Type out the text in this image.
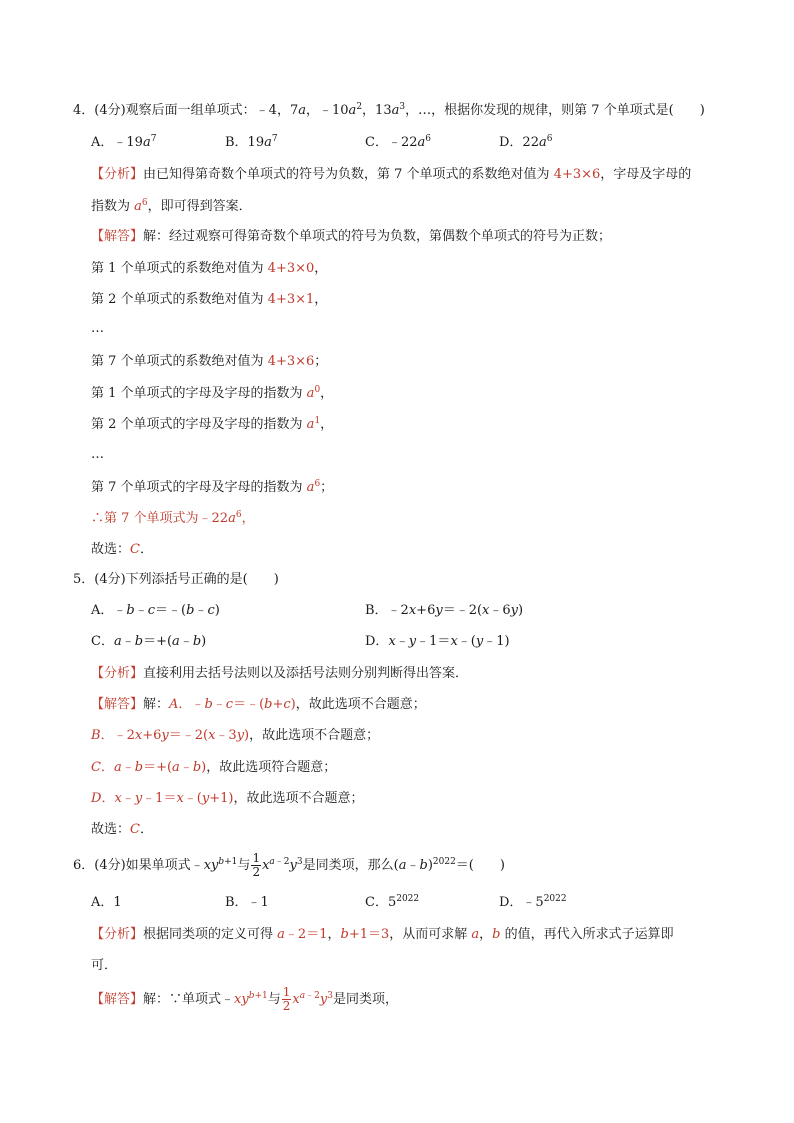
4．(4分)观察后面一组单项式：﹣4，7a，$﹣10a^2$，$13a^3$，…，根据你发现的规律，则第 7 个单项式是(　　)
A．$﹣19a^7$	B．$19a^7$	C．$﹣22a^6$	D．$22a^6$
【分析】由已知得第奇数个单项式的符号为负数，第 7 个单项式的系数绝对值为 4+3×6，字母及字母的
指数为 $a^6$，即可得到答案．
【解答】解：经过观察可得第奇数个单项式的符号为负数，第偶数个单项式的符号为正数；
第 1 个单项式的系数绝对值为 4+3×0，
第 2 个单项式的系数绝对值为 4+3×1，
…
第 7 个单项式的系数绝对值为 4+3×6；
第 1 个单项式的字母及字母的指数为 $a^0$，
第 2 个单项式的字母及字母的指数为 $a^1$，
…
第 7 个单项式的字母及字母的指数为 $a^6$；
∴第 7 个单项式为$﹣22a^6$，
故选：C．
5．(4分)下列添括号正确的是(　　)
A．﹣b﹣c＝﹣(b﹣c)	B．﹣2x+6y＝﹣2(x﹣6y)
C．a﹣b＝+(a﹣b)	D．x﹣y﹣1＝x﹣(y﹣1)
【分析】直接利用去括号法则以及添括号法则分别判断得出答案．
【解答】解：A．﹣b﹣c＝﹣(b+c)，故此选项不合题意；
B．﹣2x+6y＝﹣2(x﹣3y)，故此选项不合题意；
C．a﹣b＝+(a﹣b)，故此选项符合题意；
D．x﹣y﹣1＝x﹣(y+1)，故此选项不合题意；
故选：C．
6．(4分)如果单项式$﹣xy^{b+1}$与 $\frac{1}{2} x^{a﹣2}y^3$是同类项，那么(a﹣b)$^{2022}$＝(　　)
A．1	B．﹣1	C．$5^{2022}$	D．$﹣5^{2022}$
【分析】根据同类项的定义可得 a﹣2＝1，b+1＝3，从而可求解 a，b 的值，再代入所求式子运算即
可．
【解答】解：∵单项式$﹣xy^{b+1}$与 $\frac{1}{2} x^{a﹣2}y^3$是同类项，
